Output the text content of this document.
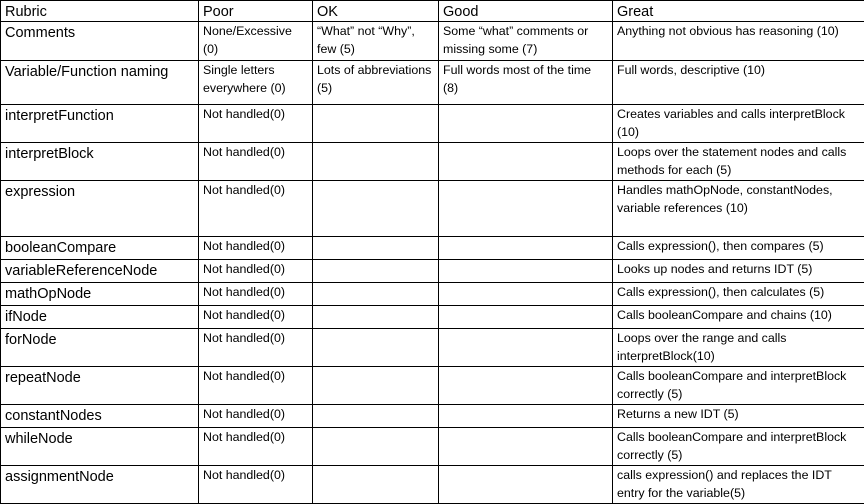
Rubric	Poor	OK	Good	Great
Comments	None/Excessive (0)	“What” not “Why”, few (5)	Some “what” comments or missing some (7)	Anything not obvious has reasoning (10)
Variable/Function naming	Single letters everywhere (0)	Lots of abbreviations (5)	Full words most of the time (8)	Full words, descriptive (10)
interpretFunction	Not handled(0)			Creates variables and calls interpretBlock (10)
interpretBlock	Not handled(0)			Loops over the statement nodes and calls methods for each (5)
expression	Not handled(0)			Handles mathOpNode, constantNodes, variable references (10)
booleanCompare	Not handled(0)			Calls expression(), then compares (5)
variableReferenceNode	Not handled(0)			Looks up nodes and returns IDT (5)
mathOpNode	Not handled(0)			Calls expression(), then calculates (5)
ifNode	Not handled(0)			Calls booleanCompare and chains (10)
forNode	Not handled(0)			Loops over the range and calls interpretBlock(10)
repeatNode	Not handled(0)			Calls booleanCompare and interpretBlock correctly (5)
constantNodes	Not handled(0)			Returns a new IDT (5)
whileNode	Not handled(0)			Calls booleanCompare and interpretBlock correctly (5)
assignmentNode	Not handled(0)			calls expression() and replaces the IDT entry for the variable(5)
